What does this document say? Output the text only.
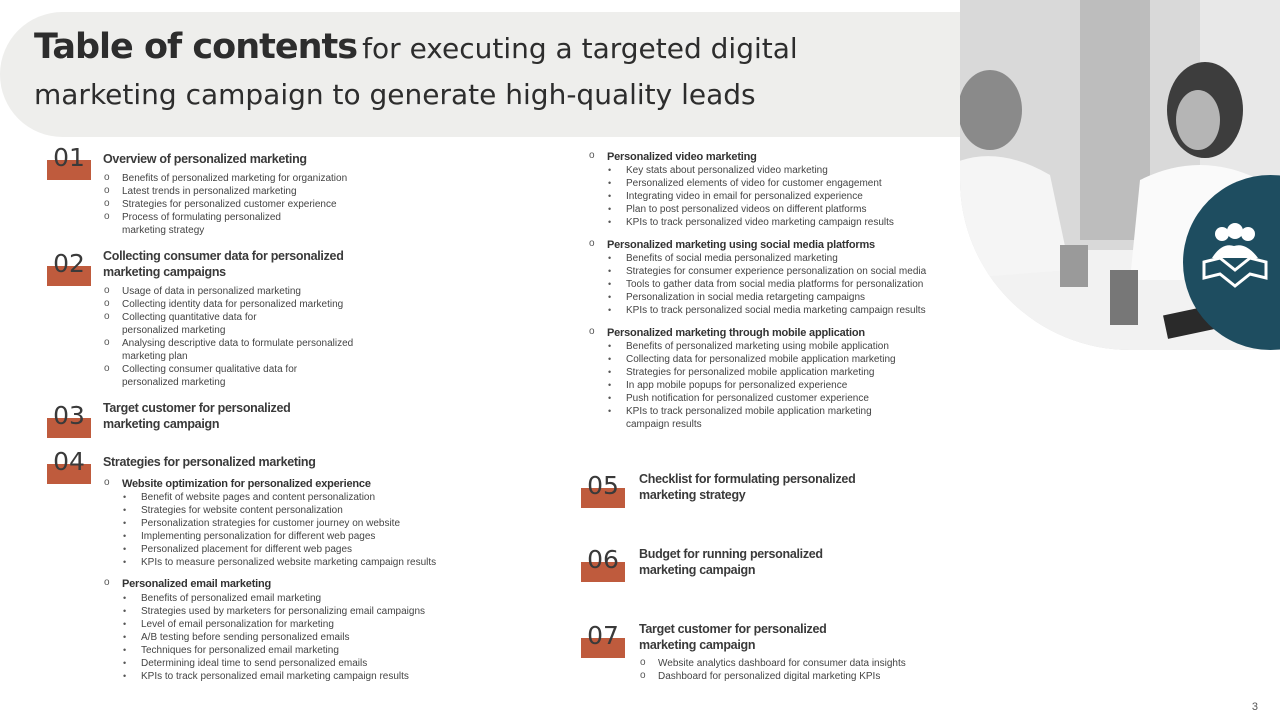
Table of contents for executing a targeted digital
marketing campaign to generate high-quality leads
01	Overview of personalized marketing
o Benefits of personalized marketing for organization
o Latest trends in personalized marketing
o Strategies for personalized customer experience
o Process of formulating personalized
marketing strategy
02	Collecting consumer data for personalized
marketing campaigns
o Usage of data in personalized marketing
o Collecting identity data for personalized marketing
o Collecting quantitative data for
personalized marketing
o Analysing descriptive data to formulate personalized
marketing plan
o Collecting consumer qualitative data for
personalized marketing
03	Target customer for personalized
marketing campaign
04	Strategies for personalized marketing
o Website optimization for personalized experience
• Benefit of website pages and content personalization
• Strategies for website content personalization
• Personalization strategies for customer journey on website
• Implementing personalization for different web pages
• Personalized placement for different web pages
• KPIs to measure personalized website marketing campaign results
o Personalized email marketing
• Benefits of personalized email marketing
• Strategies used by marketers for personalizing email campaigns
• Level of email personalization for marketing
• A/B testing before sending personalized emails
• Techniques for personalized email marketing
• Determining ideal time to send personalized emails
• KPIs to track personalized email marketing campaign results
o Personalized video marketing
• Key stats about personalized video marketing
• Personalized elements of video for customer engagement
• Integrating video in email for personalized experience
• Plan to post personalized videos on different platforms
• KPIs to track personalized video marketing campaign results
o Personalized marketing using social media platforms
• Benefits of social media personalized marketing
• Strategies for consumer experience personalization on social media
• Tools to gather data from social media platforms for personalization
• Personalization in social media retargeting campaigns
• KPIs to track personalized social media marketing campaign results
o Personalized marketing through mobile application
• Benefits of personalized marketing using mobile application
• Collecting data for personalized mobile application marketing
• Strategies for personalized mobile application marketing
• In app mobile popups for personalized experience
• Push notification for personalized customer experience
• KPIs to track personalized mobile application marketing
campaign results
05	Checklist for formulating personalized
marketing strategy
06	Budget for running personalized
marketing campaign
07	Target customer for personalized
marketing campaign
o Website analytics dashboard for consumer data insights
o Dashboard for personalized digital marketing KPIs
3
